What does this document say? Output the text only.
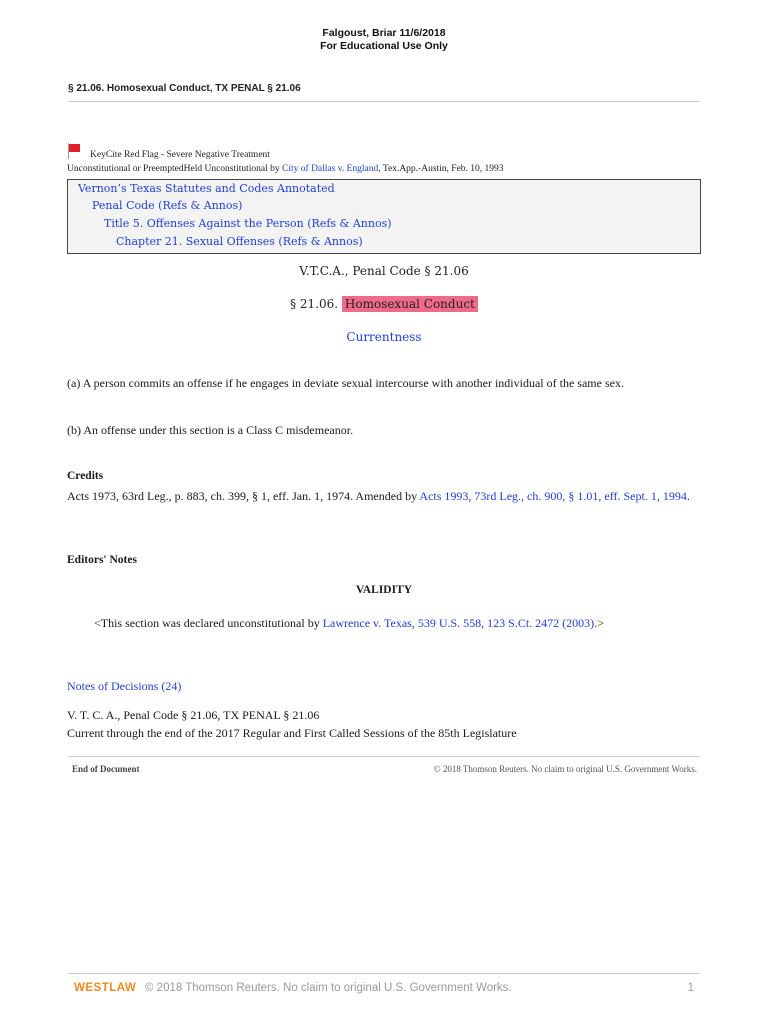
Falgoust, Briar 11/6/2018
For Educational Use Only
§ 21.06. Homosexual Conduct, TX PENAL § 21.06
KeyCite Red Flag - Severe Negative Treatment
Unconstitutional or PreemptedHeld Unconstitutional by City of Dallas v. England, Tex.App.-Austin, Feb. 10, 1993
Vernon’s Texas Statutes and Codes Annotated
Penal Code (Refs & Annos)
Title 5. Offenses Against the Person (Refs & Annos)
Chapter 21. Sexual Offenses (Refs & Annos)
V.T.C.A., Penal Code § 21.06
§ 21.06. Homosexual Conduct
Currentness
(a) A person commits an offense if he engages in deviate sexual intercourse with another individual of the same sex.
(b) An offense under this section is a Class C misdemeanor.
Credits
Acts 1973, 63rd Leg., p. 883, ch. 399, § 1, eff. Jan. 1, 1974. Amended by Acts 1993, 73rd Leg., ch. 900, § 1.01, eff. Sept. 1, 1994.
Editors' Notes
VALIDITY
<This section was declared unconstitutional by Lawrence v. Texas, 539 U.S. 558, 123 S.Ct. 2472 (2003).>
Notes of Decisions (24)
V. T. C. A., Penal Code § 21.06, TX PENAL § 21.06
Current through the end of the 2017 Regular and First Called Sessions of the 85th Legislature
End of Document	© 2018 Thomson Reuters. No claim to original U.S. Government Works.
WESTLAW © 2018 Thomson Reuters. No claim to original U.S. Government Works.	1
